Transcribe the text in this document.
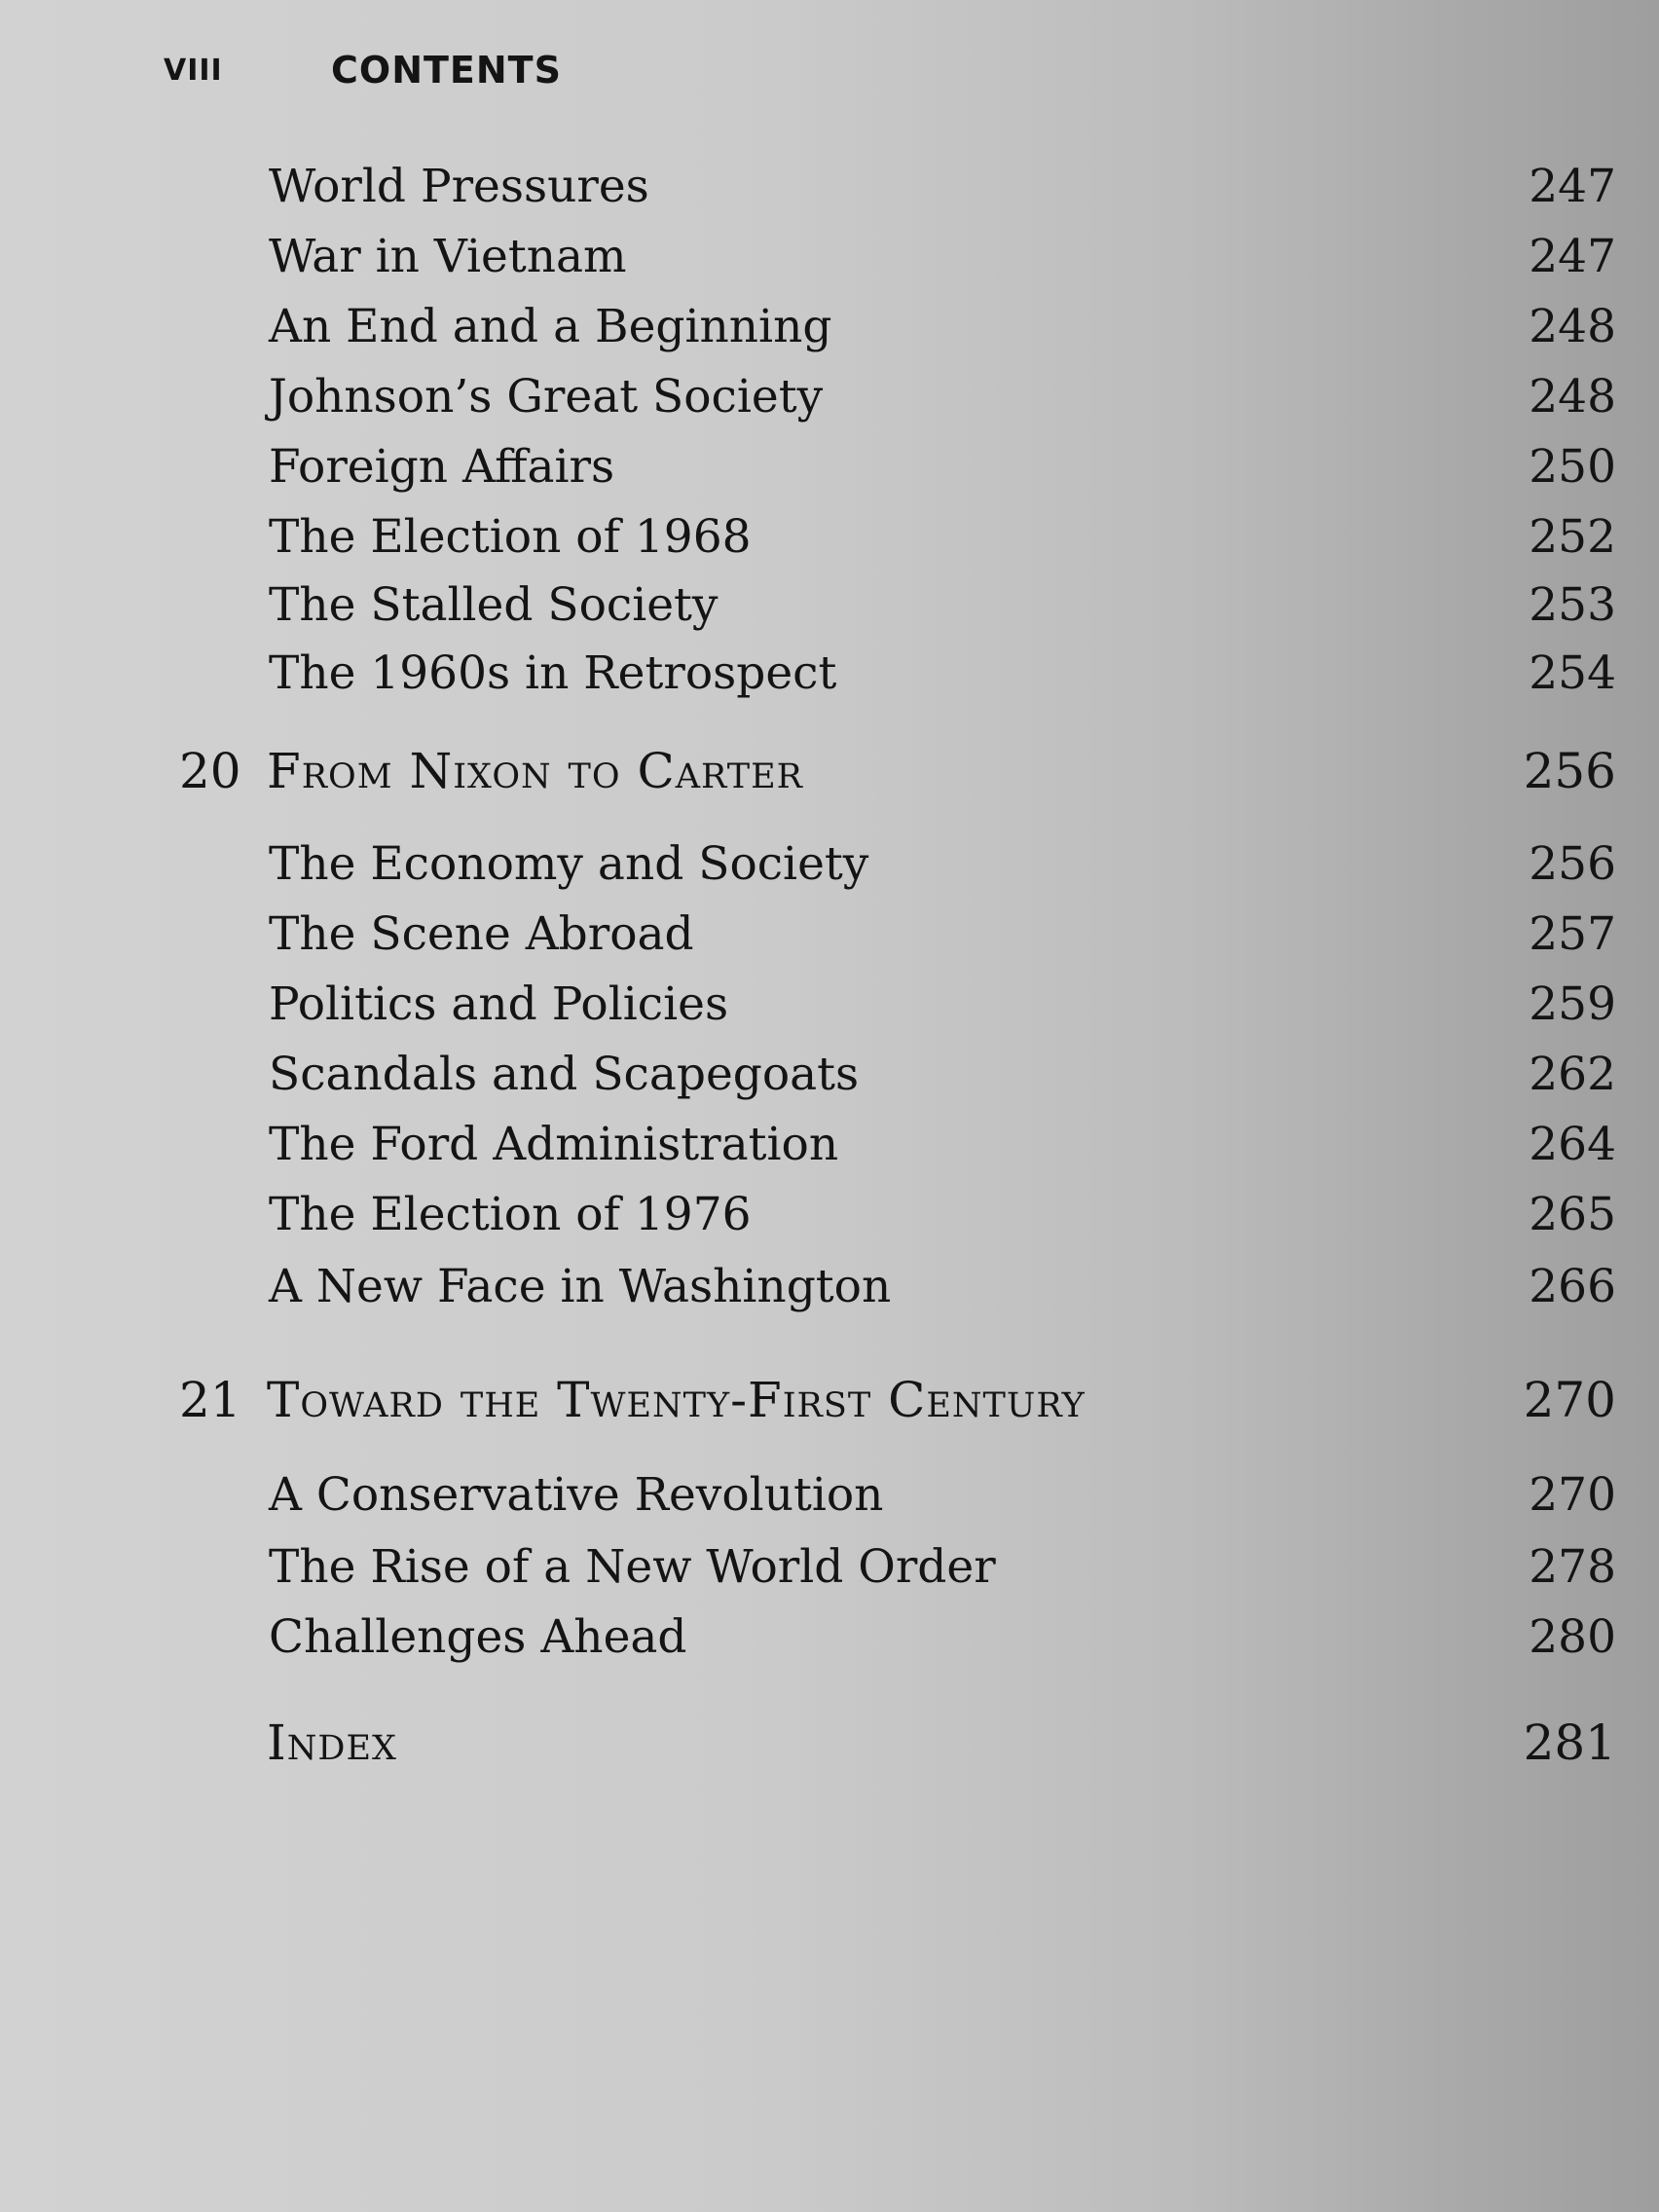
VIII	CONTENTS
World Pressures	247
War in Vietnam	247
An End and a Beginning	248
Johnson’s Great Society	248
Foreign Affairs	250
The Election of 1968	252
The Stalled Society	253
The 1960s in Retrospect	254
20 From Nixon to Carter	256
The Economy and Society	256
The Scene Abroad	257
Politics and Policies	259
Scandals and Scapegoats	262
The Ford Administration	264
The Election of 1976	265
A New Face in Washington	266
21 Toward the Twenty-First Century	270
A Conservative Revolution	270
The Rise of a New World Order	278
Challenges Ahead	280
Index	281
